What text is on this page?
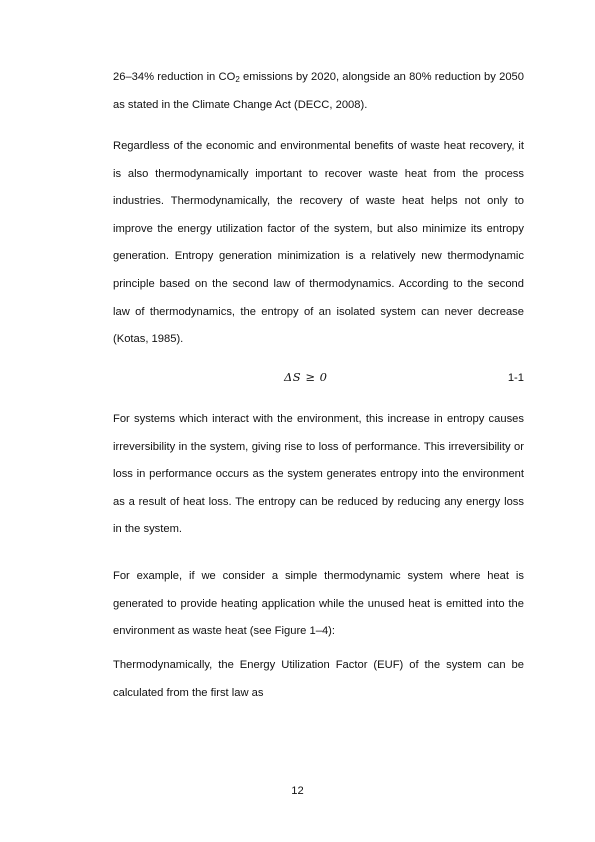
26–34% reduction in $CO_2$ emissions by 2020, alongside an 80% reduction by 2050 as stated in the Climate Change Act (DECC, 2008).

Regardless of the economic and environmental benefits of waste heat recovery, it is also thermodynamically important to recover waste heat from the process industries. Thermodynamically, the recovery of waste heat helps not only to improve the energy utilization factor of the system, but also minimize its entropy generation. Entropy generation minimization is a relatively new thermodynamic principle based on the second law of thermodynamics. According to the second law of thermodynamics, the entropy of an isolated system can never decrease (Kotas, 1985).

ΔS ≥ 0	1-1

For systems which interact with the environment, this increase in entropy causes irreversibility in the system, giving rise to loss of performance. This irreversibility or loss in performance occurs as the system generates entropy into the environment as a result of heat loss. The entropy can be reduced by reducing any energy loss in the system.

For example, if we consider a simple thermodynamic system where heat is generated to provide heating application while the unused heat is emitted into the environment as waste heat (see Figure 1–4):

Thermodynamically, the Energy Utilization Factor (EUF) of the system can be calculated from the first law as

12
